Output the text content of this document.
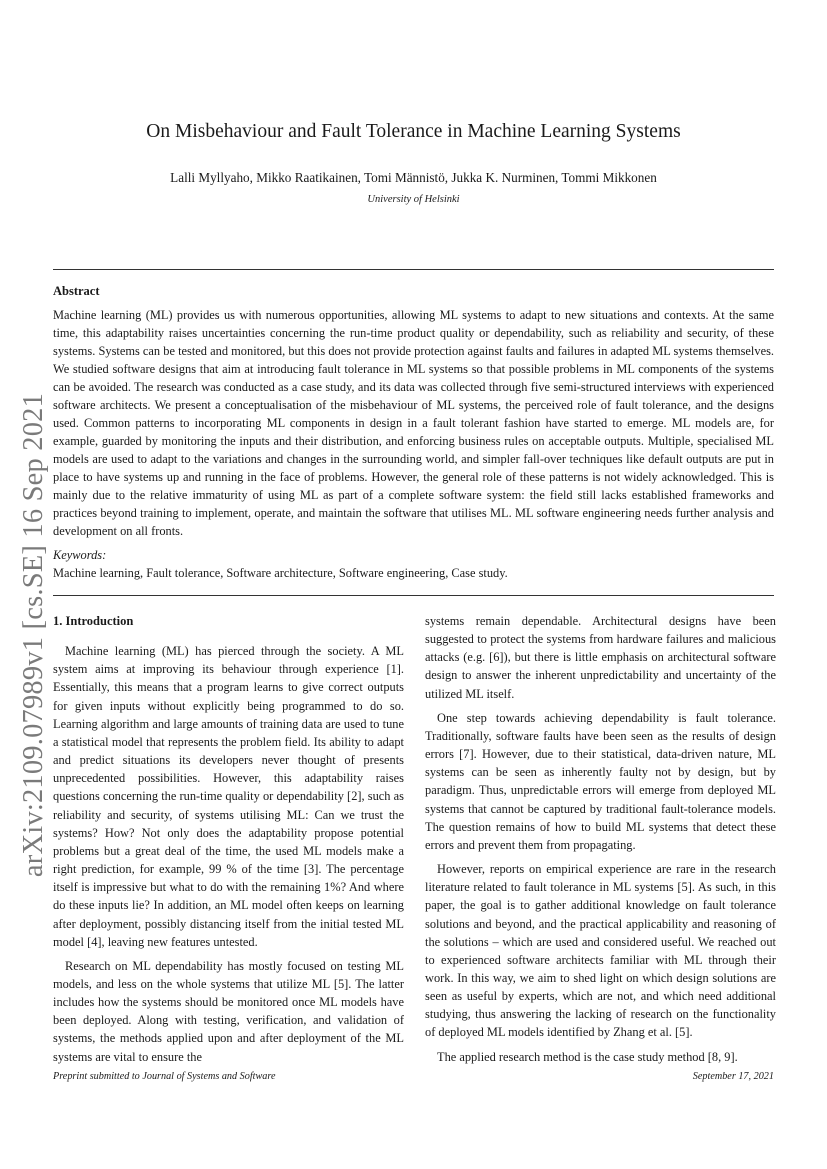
arXiv:2109.07989v1 [cs.SE] 16 Sep 2021
On Misbehaviour and Fault Tolerance in Machine Learning Systems
Lalli Myllyaho, Mikko Raatikainen, Tomi Männistö, Jukka K. Nurminen, Tommi Mikkonen
University of Helsinki
Abstract

Machine learning (ML) provides us with numerous opportunities, allowing ML systems to adapt to new situations and contexts. At the same time, this adaptability raises uncertainties concerning the run-time product quality or dependability, such as reliability and security, of these systems. Systems can be tested and monitored, but this does not provide protection against faults and failures in adapted ML systems themselves. We studied software designs that aim at introducing fault tolerance in ML systems so that possible problems in ML components of the systems can be avoided. The research was conducted as a case study, and its data was collected through five semi-structured interviews with experienced software architects. We present a conceptualisation of the misbehaviour of ML systems, the perceived role of fault tolerance, and the designs used. Common patterns to incorporating ML components in design in a fault tolerant fashion have started to emerge. ML models are, for example, guarded by monitoring the inputs and their distribution, and enforcing business rules on acceptable outputs. Multiple, specialised ML models are used to adapt to the variations and changes in the surrounding world, and simpler fall-over techniques like default outputs are put in place to have systems up and running in the face of problems. However, the general role of these patterns is not widely acknowledged. This is mainly due to the relative immaturity of using ML as part of a complete software system: the field still lacks established frameworks and practices beyond training to implement, operate, and maintain the software that utilises ML. ML software engineering needs further analysis and development on all fronts.

Keywords:
Machine learning, Fault tolerance, Software architecture, Software engineering, Case study.
1. Introduction

Machine learning (ML) has pierced through the society. A ML system aims at improving its behaviour through experience [1]. Essentially, this means that a program learns to give correct outputs for given inputs without explicitly being programmed to do so. Learning algorithm and large amounts of training data are used to tune a statistical model that represents the problem field. Its ability to adapt and predict situations its developers never thought of presents unprecedented possibilities. However, this adaptability raises questions concerning the run-time quality or dependability [2], such as reliability and security, of systems utilising ML: Can we trust the systems? How? Not only does the adaptability propose potential problems but a great deal of the time, the used ML models make a right prediction, for example, 99 % of the time [3]. The percentage itself is impressive but what to do with the remaining 1%? And where do these inputs lie? In addition, an ML model often keeps on learning after deployment, possibly distancing itself from the initial tested ML model [4], leaving new features untested.

Research on ML dependability has mostly focused on testing ML models, and less on the whole systems that utilize ML [5]. The latter includes how the systems should be monitored once ML models have been deployed. Along with testing, verification, and validation of systems, the methods applied upon and after deployment of the ML systems are vital to ensure the

systems remain dependable. Architectural designs have been suggested to protect the systems from hardware failures and malicious attacks (e.g. [6]), but there is little emphasis on architectural software design to answer the inherent unpredictability and uncertainty of the utilized ML itself.

One step towards achieving dependability is fault tolerance. Traditionally, software faults have been seen as the results of design errors [7]. However, due to their statistical, data-driven nature, ML systems can be seen as inherently faulty not by design, but by paradigm. Thus, unpredictable errors will emerge from deployed ML systems that cannot be captured by traditional fault-tolerance models. The question remains of how to build ML systems that detect these errors and prevent them from propagating.

However, reports on empirical experience are rare in the research literature related to fault tolerance in ML systems [5]. As such, in this paper, the goal is to gather additional knowledge on fault tolerance solutions and beyond, and the practical applicability and reasoning of the solutions – which are used and considered useful. We reached out to experienced software architects familiar with ML through their work. In this way, we aim to shed light on which design solutions are seen as useful by experts, which are not, and which need additional studying, thus answering the lacking of research on the functionality of deployed ML models identified by Zhang et al. [5].

The applied research method is the case study method [8, 9].

Preprint submitted to Journal of Systems and Software	September 17, 2021
